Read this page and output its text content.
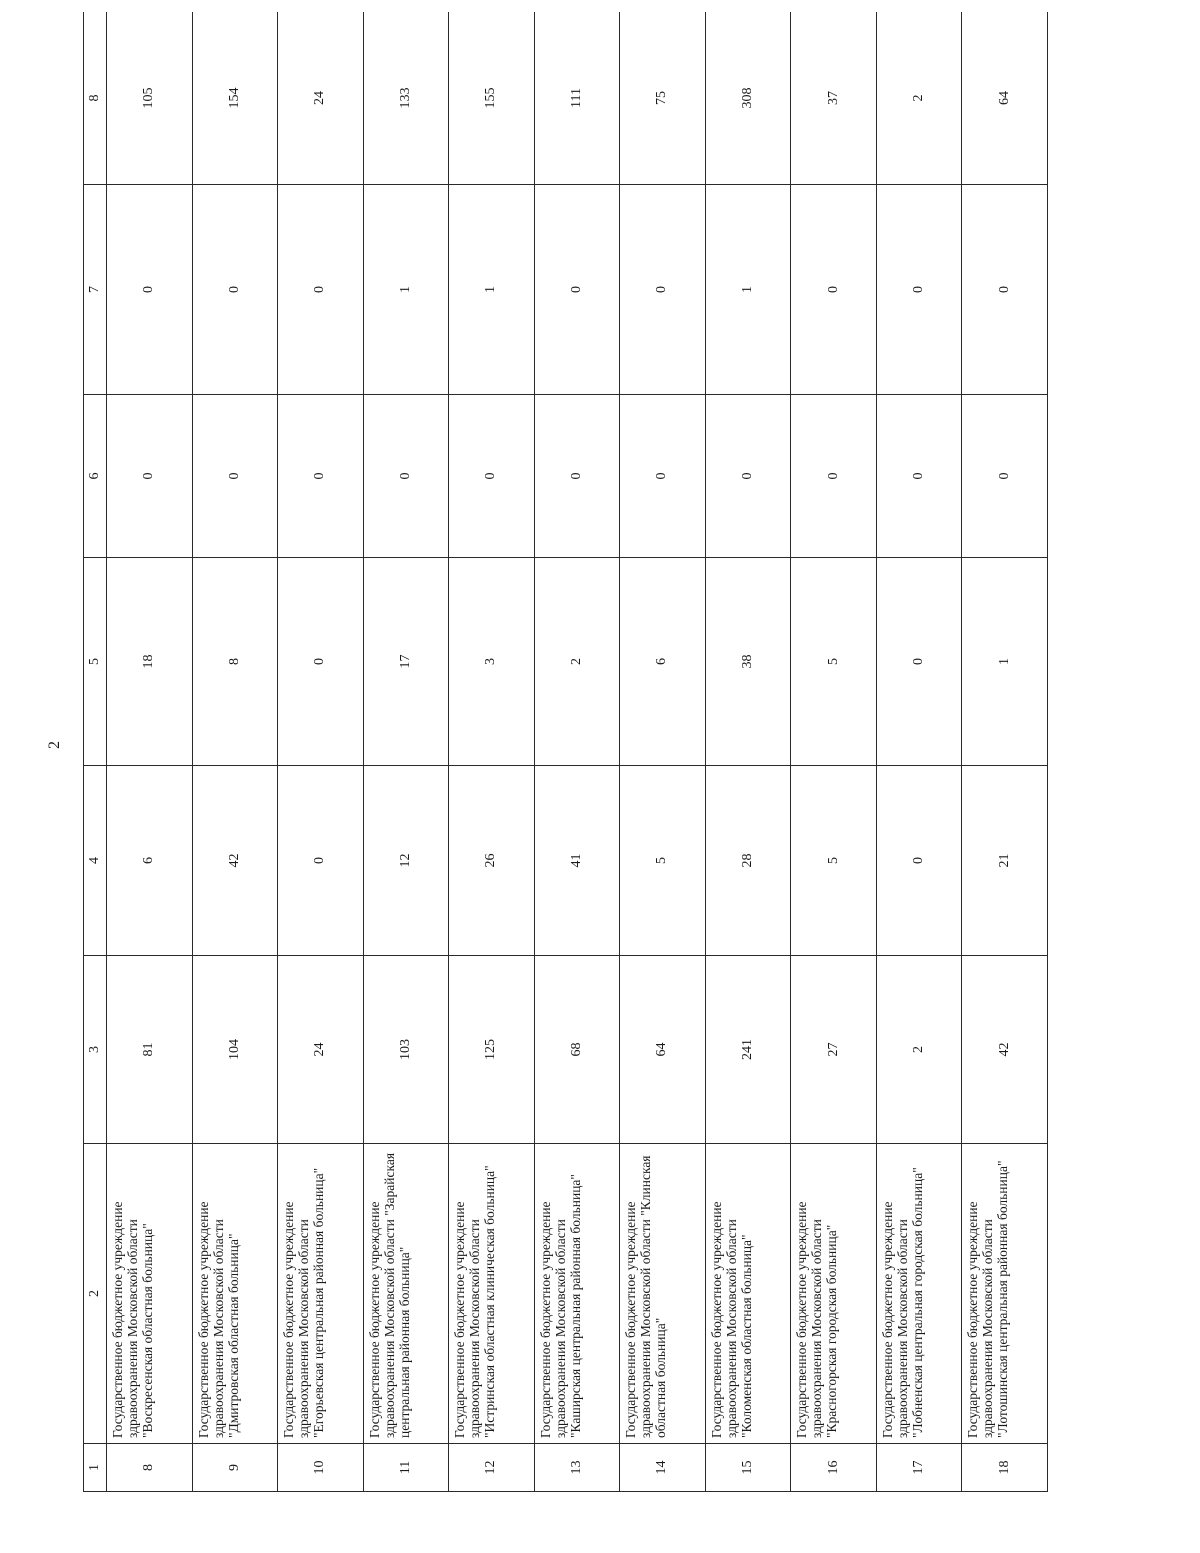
2
1	2	3	4	5	6	7	8
8	Государственное бюджетное учреждение здравоохранения Московской области "Воскресенская областная больница"	81	6	18	0	0	105
9	Государственное бюджетное учреждение здравоохранения Московской области "Дмитровская областная больница"	104	42	8	0	0	154
10	Государственное бюджетное учреждение здравоохранения Московской области "Егорьевская центральная районная больница"	24	0	0	0	0	24
11	Государственное бюджетное учреждение здравоохранения Московской области "Зарайская центральная районная больница"	103	12	17	0	1	133
12	Государственное бюджетное учреждение здравоохранения Московской области "Истринская областная клиническая больница"	125	26	3	0	1	155
13	Государственное бюджетное учреждение здравоохранения Московской области "Каширская центральная районная больница"	68	41	2	0	0	111
14	Государственное бюджетное учреждение здравоохранения Московской области "Клинская областная больница"	64	5	6	0	0	75
15	Государственное бюджетное учреждение здравоохранения Московской области "Коломенская областная больница"	241	28	38	0	1	308
16	Государственное бюджетное учреждение здравоохранения Московской области "Красногорская городская больница"	27	5	5	0	0	37
17	Государственное бюджетное учреждение здравоохранения Московской области "Лобненская центральная городская больница"	2	0	0	0	0	2
18	Государственное бюджетное учреждение здравоохранения Московской области "Лотошинская центральная районная больница"	42	21	1	0	0	64
